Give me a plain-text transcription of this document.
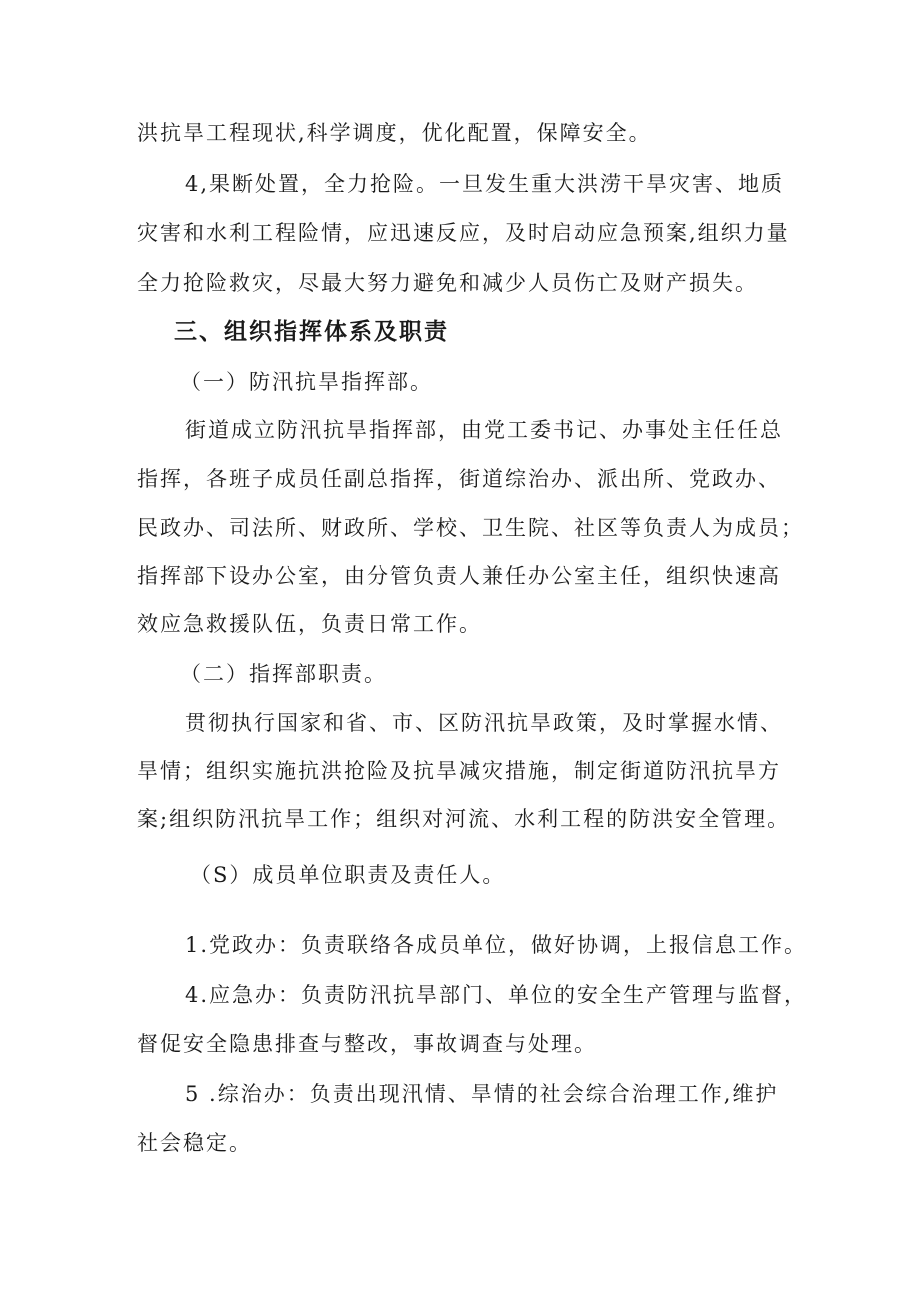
洪抗旱工程现状,科学调度，优化配置，保障安全。
4,果断处置，全力抢险。一旦发生重大洪涝干旱灾害、地质
灾害和水利工程险情，应迅速反应，及时启动应急预案,组织力量
全力抢险救灾，尽最大努力避免和减少人员伤亡及财产损失。
三、组织指挥体系及职责
（一）防汛抗旱指挥部。
街道成立防汛抗旱指挥部，由党工委书记、办事处主任任总
指挥，各班子成员任副总指挥，街道综治办、派出所、党政办、
民政办、司法所、财政所、学校、卫生院、社区等负责人为成员；
指挥部下设办公室，由分管负责人兼任办公室主任，组织快速高
效应急救援队伍，负责日常工作。
（二）指挥部职责。
贯彻执行国家和省、市、区防汛抗旱政策，及时掌握水情、
旱情；组织实施抗洪抢险及抗旱减灾措施，制定街道防汛抗旱方
案;组织防汛抗旱工作；组织对河流、水利工程的防洪安全管理。
（S）成员单位职责及责任人。
1.党政办：负责联络各成员单位，做好协调，上报信息工作。
4.应急办：负责防汛抗旱部门、单位的安全生产管理与监督，
督促安全隐患排查与整改，事故调查与处理。
5 .综治办：负责出现汛情、旱情的社会综合治理工作,维护
社会稳定。
